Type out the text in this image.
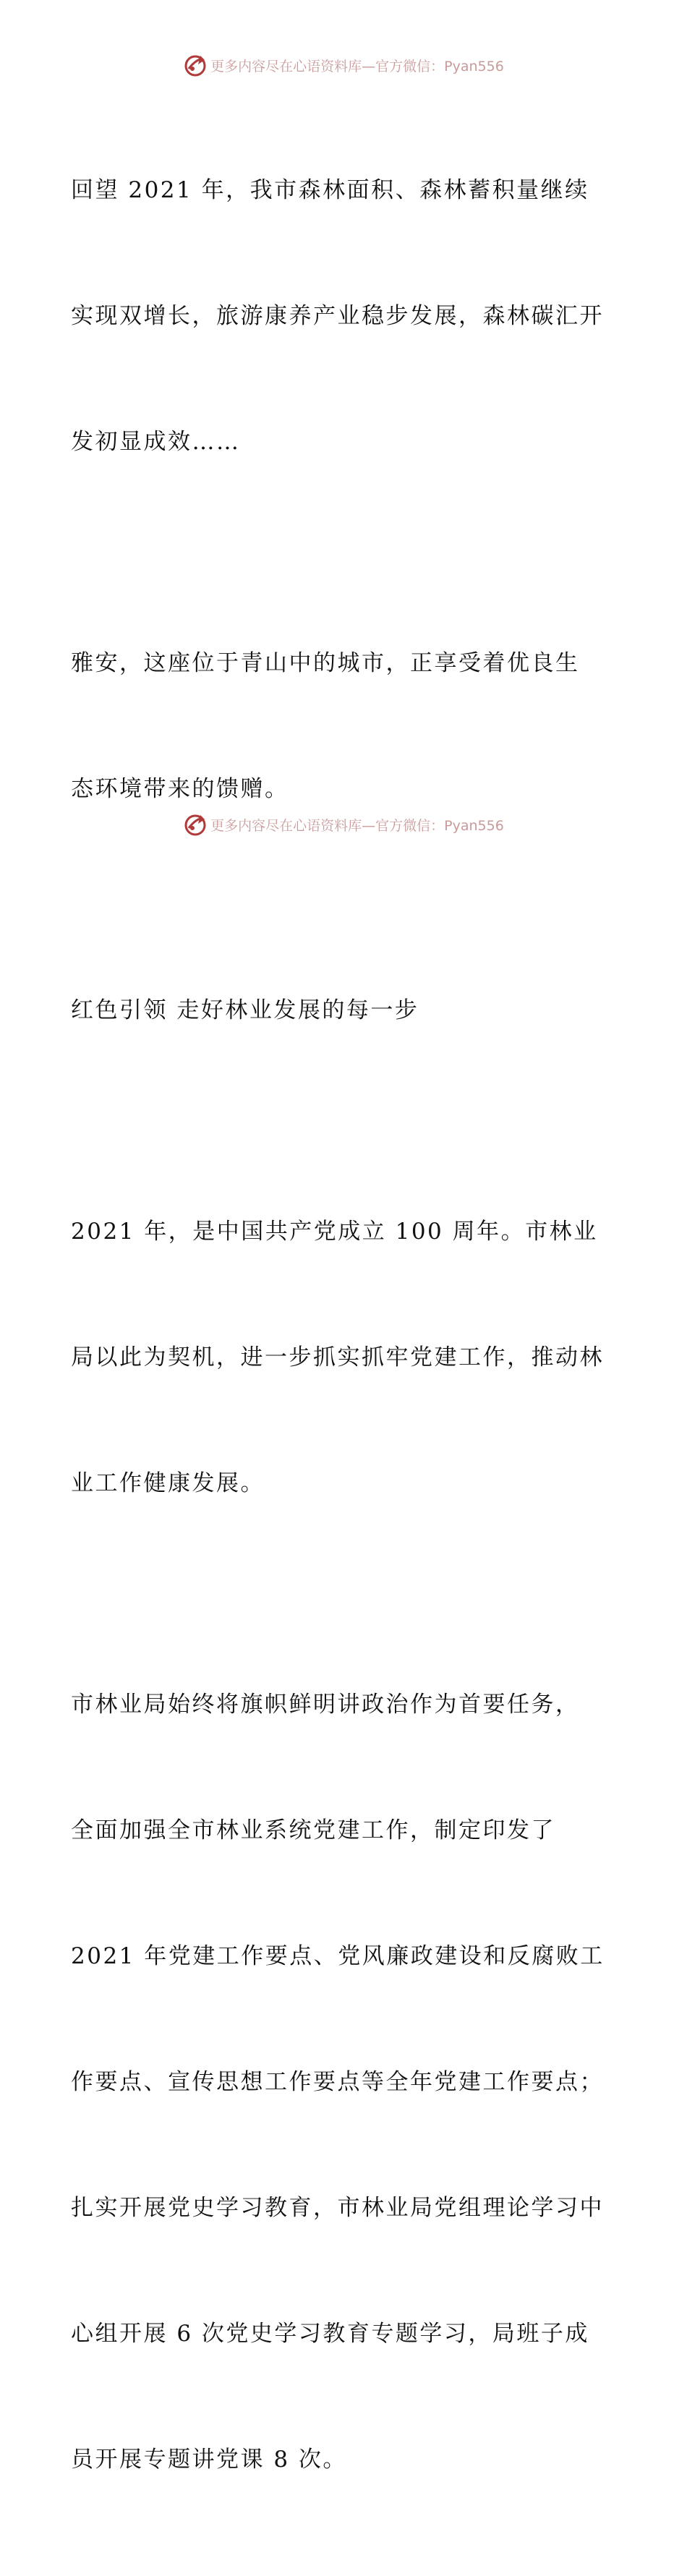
更多内容尽在心语资料库—官方微信：Pyan556

回望 2021 年，我市森林面积、森林蓄积量继续

实现双增长，旅游康养产业稳步发展，森林碳汇开

发初显成效……

雅安，这座位于青山中的城市，正享受着优良生

态环境带来的馈赠。

红色引领 走好林业发展的每一步

2021 年，是中国共产党成立 100 周年。市林业

局以此为契机，进一步抓实抓牢党建工作，推动林

业工作健康发展。

市林业局始终将旗帜鲜明讲政治作为首要任务，

全面加强全市林业系统党建工作，制定印发了

2021 年党建工作要点、党风廉政建设和反腐败工

作要点、宣传思想工作要点等全年党建工作要点；

扎实开展党史学习教育，市林业局党组理论学习中

心组开展 6 次党史学习教育专题学习，局班子成

员开展专题讲党课 8 次。

更多内容尽在心语资料库—官方微信：Pyan556
